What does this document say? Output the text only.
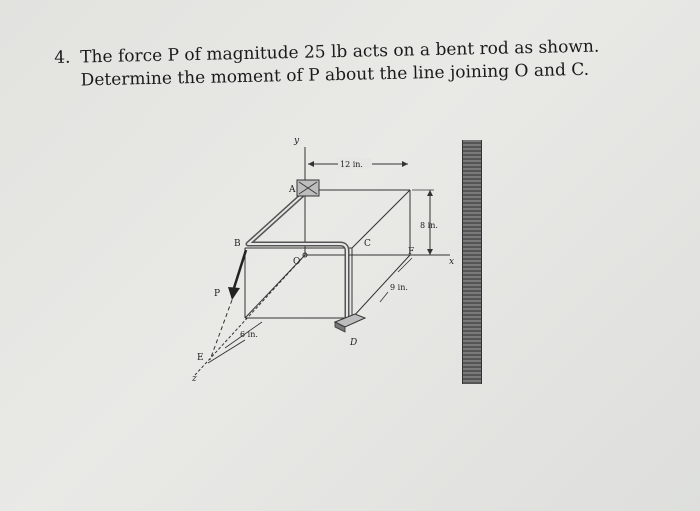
4. The force P of magnitude 25 lb acts on a bent rod as shown.
Determine the moment of P about the line joining O and C.
y
x
z
A
B	C
D
E
F
O
P
12 in.
8 in.
9 in.
6 in.
